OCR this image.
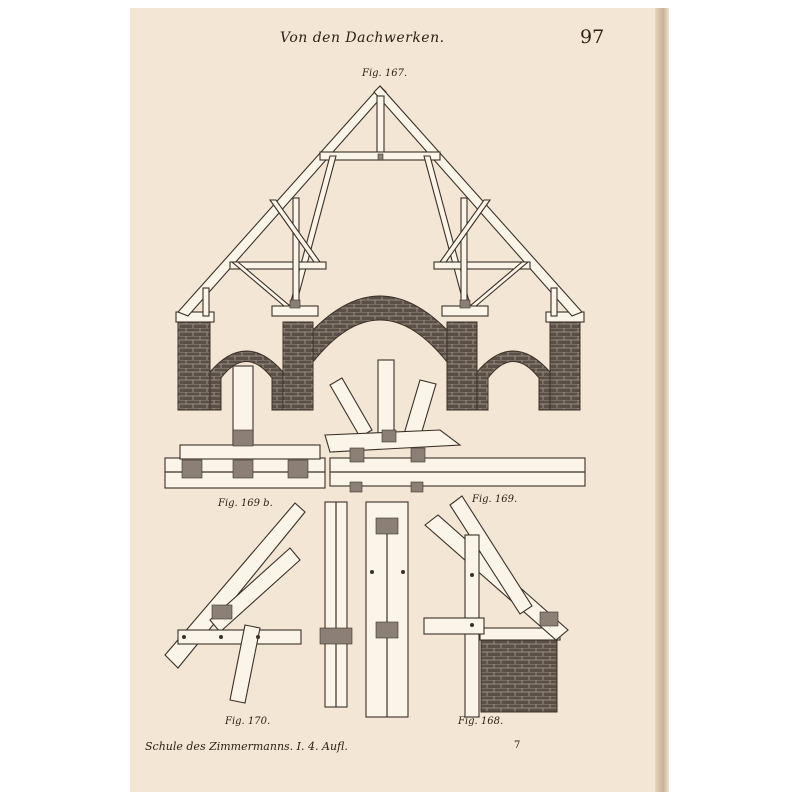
Von den Dachwerken.	97
Fig. 167.
Fig. 169 b.	Fig. 169.
Fig. 170.	Fig. 168.
Schule des Zimmermanns. I. 4. Aufl.	7
